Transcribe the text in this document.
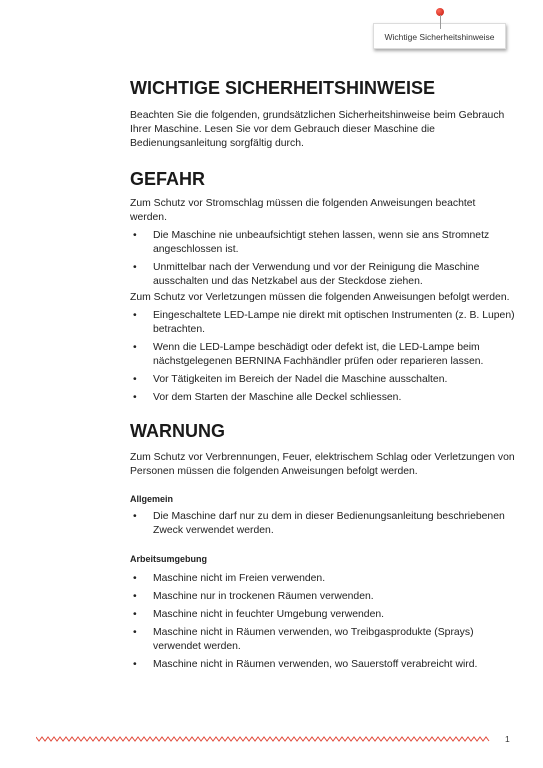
Wichtige Sicherheitshinweise
WICHTIGE SICHERHEITSHINWEISE

Beachten Sie die folgenden, grundsätzlichen Sicherheitshinweise beim Gebrauch Ihrer Maschine. Lesen Sie vor dem Gebrauch dieser Maschine die Bedienungsanleitung sorgfältig durch.

GEFAHR

Zum Schutz vor Stromschlag müssen die folgenden Anweisungen beachtet werden.

• Die Maschine nie unbeaufsichtigt stehen lassen, wenn sie ans Stromnetz angeschlossen ist.
• Unmittelbar nach der Verwendung und vor der Reinigung die Maschine ausschalten und das Netzkabel aus der Steckdose ziehen.

Zum Schutz vor Verletzungen müssen die folgenden Anweisungen befolgt werden.

• Eingeschaltete LED-Lampe nie direkt mit optischen Instrumenten (z. B. Lupen) betrachten.
• Wenn die LED-Lampe beschädigt oder defekt ist, die LED-Lampe beim nächstgelegenen BERNINA Fachhändler prüfen oder reparieren lassen.
• Vor Tätigkeiten im Bereich der Nadel die Maschine ausschalten.
• Vor dem Starten der Maschine alle Deckel schliessen.
WARNUNG

Zum Schutz vor Verbrennungen, Feuer, elektrischem Schlag oder Verletzungen von Personen müssen die folgenden Anweisungen befolgt werden.

Allgemein
• Die Maschine darf nur zu dem in dieser Bedienungsanleitung beschriebenen Zweck verwendet werden.
Arbeitsumgebung
• Maschine nicht im Freien verwenden.
• Maschine nur in trockenen Räumen verwenden.
• Maschine nicht in feuchter Umgebung verwenden.
• Maschine nicht in Räumen verwenden, wo Treibgasprodukte (Sprays) verwendet werden.
• Maschine nicht in Räumen verwenden, wo Sauerstoff verabreicht wird.
1
